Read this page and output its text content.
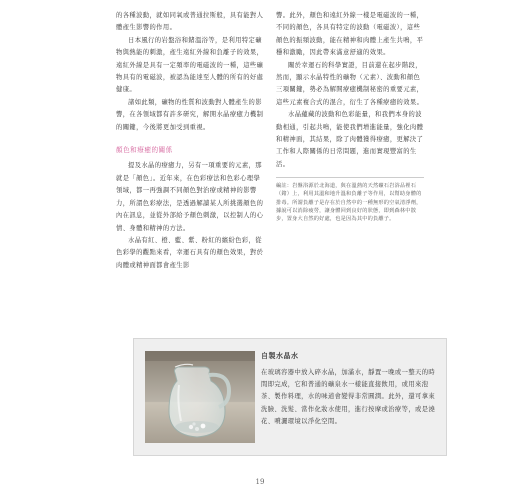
的各種波動，就如同氧或普通拉斯般，具有能對人體產生影響的作用。

日本風行的岩盤浴和鍺溫浴等，是利用特定礦物與熱能的刺激，產生遠紅外線和負離子的效果，遠紅外線是具有一定頻率的電磁波的一種，這些礦物具有的電磁波，被認為能達至人體的所有的好處健康。

諸如此類，礦物的性質和波動對人體產生的影響，在各領域都有許多研究，解開水晶療癒力機制的關鍵，今後將更加受到重視。

顏色和療癒的關係

提及水晶的療癒力，另有一項重要的元素，那就是「顏色」。近年來，在色彩療法和色彩心理學領域，都一再強調不同顏色對治療或精神的影響力，所謂色彩療法，是透過解讀某人所挑選顏色的內在訊息，並從外部給予顏色刺激，以控制人的心情、身體和精神的方法。

水晶有紅、橙、藍、紫、粉紅的繽紛色彩，從色彩學的觀點來看，幸運石具有的顏色效果，對於肉體或精神面都會產生影

響。此外，顏色和遠紅外線一樣是電磁波的一種，不同的顏色，各具有特定的波動（電磁波），這些顏色的振頻波動，能在精神和肉體上產生共鳴，平穩和激勵，因此帶來滿意舒適的效果。

關於幸運石的科學實證，目前還在起步階段，然而，顯示水晶特性的礦物（元素）、波動和顏色三項關鍵，勢必為解開療癒機制秘密的重要元素，這些元素複合式的混合，衍生了各種療癒的效果。

水晶蘊藏的波動和色彩能量，和我們本身的波動相通，引起共鳴，能使我們增進能量，強化肉體和精神面，其結果，除了肉體獲得療癒，更解決了工作和人際關係的日常問題，進而實現豐富的生活。

編註：岩盤浴源於北海道，與在溫熱的天然礦石岩浴品裡石（鍺）上，利用其溫和地升溫和負離子等作用，以幫助身體的排毒。所謂負離子是存在於自然中的一種無形的空氣清淨劑，據說可以消除疲勞，讓身體回到良好的狀態，即到森林中散步，置身大自然的好處，也是因為其中的負離子。
自製水晶水
在玻璃容器中放入碎水晶，加滿水，靜置一晚或一整天的時間即完成，它和普通的礦泉水一樣能直接飲用，或用來泡茶、製作料理，水的味道會變得非常圓潤。此外，還可拿來洗臉、洗髮、當作化妝水使用，進行按摩或治療等，或是澆花、噴灑環境以淨化空間。
19
